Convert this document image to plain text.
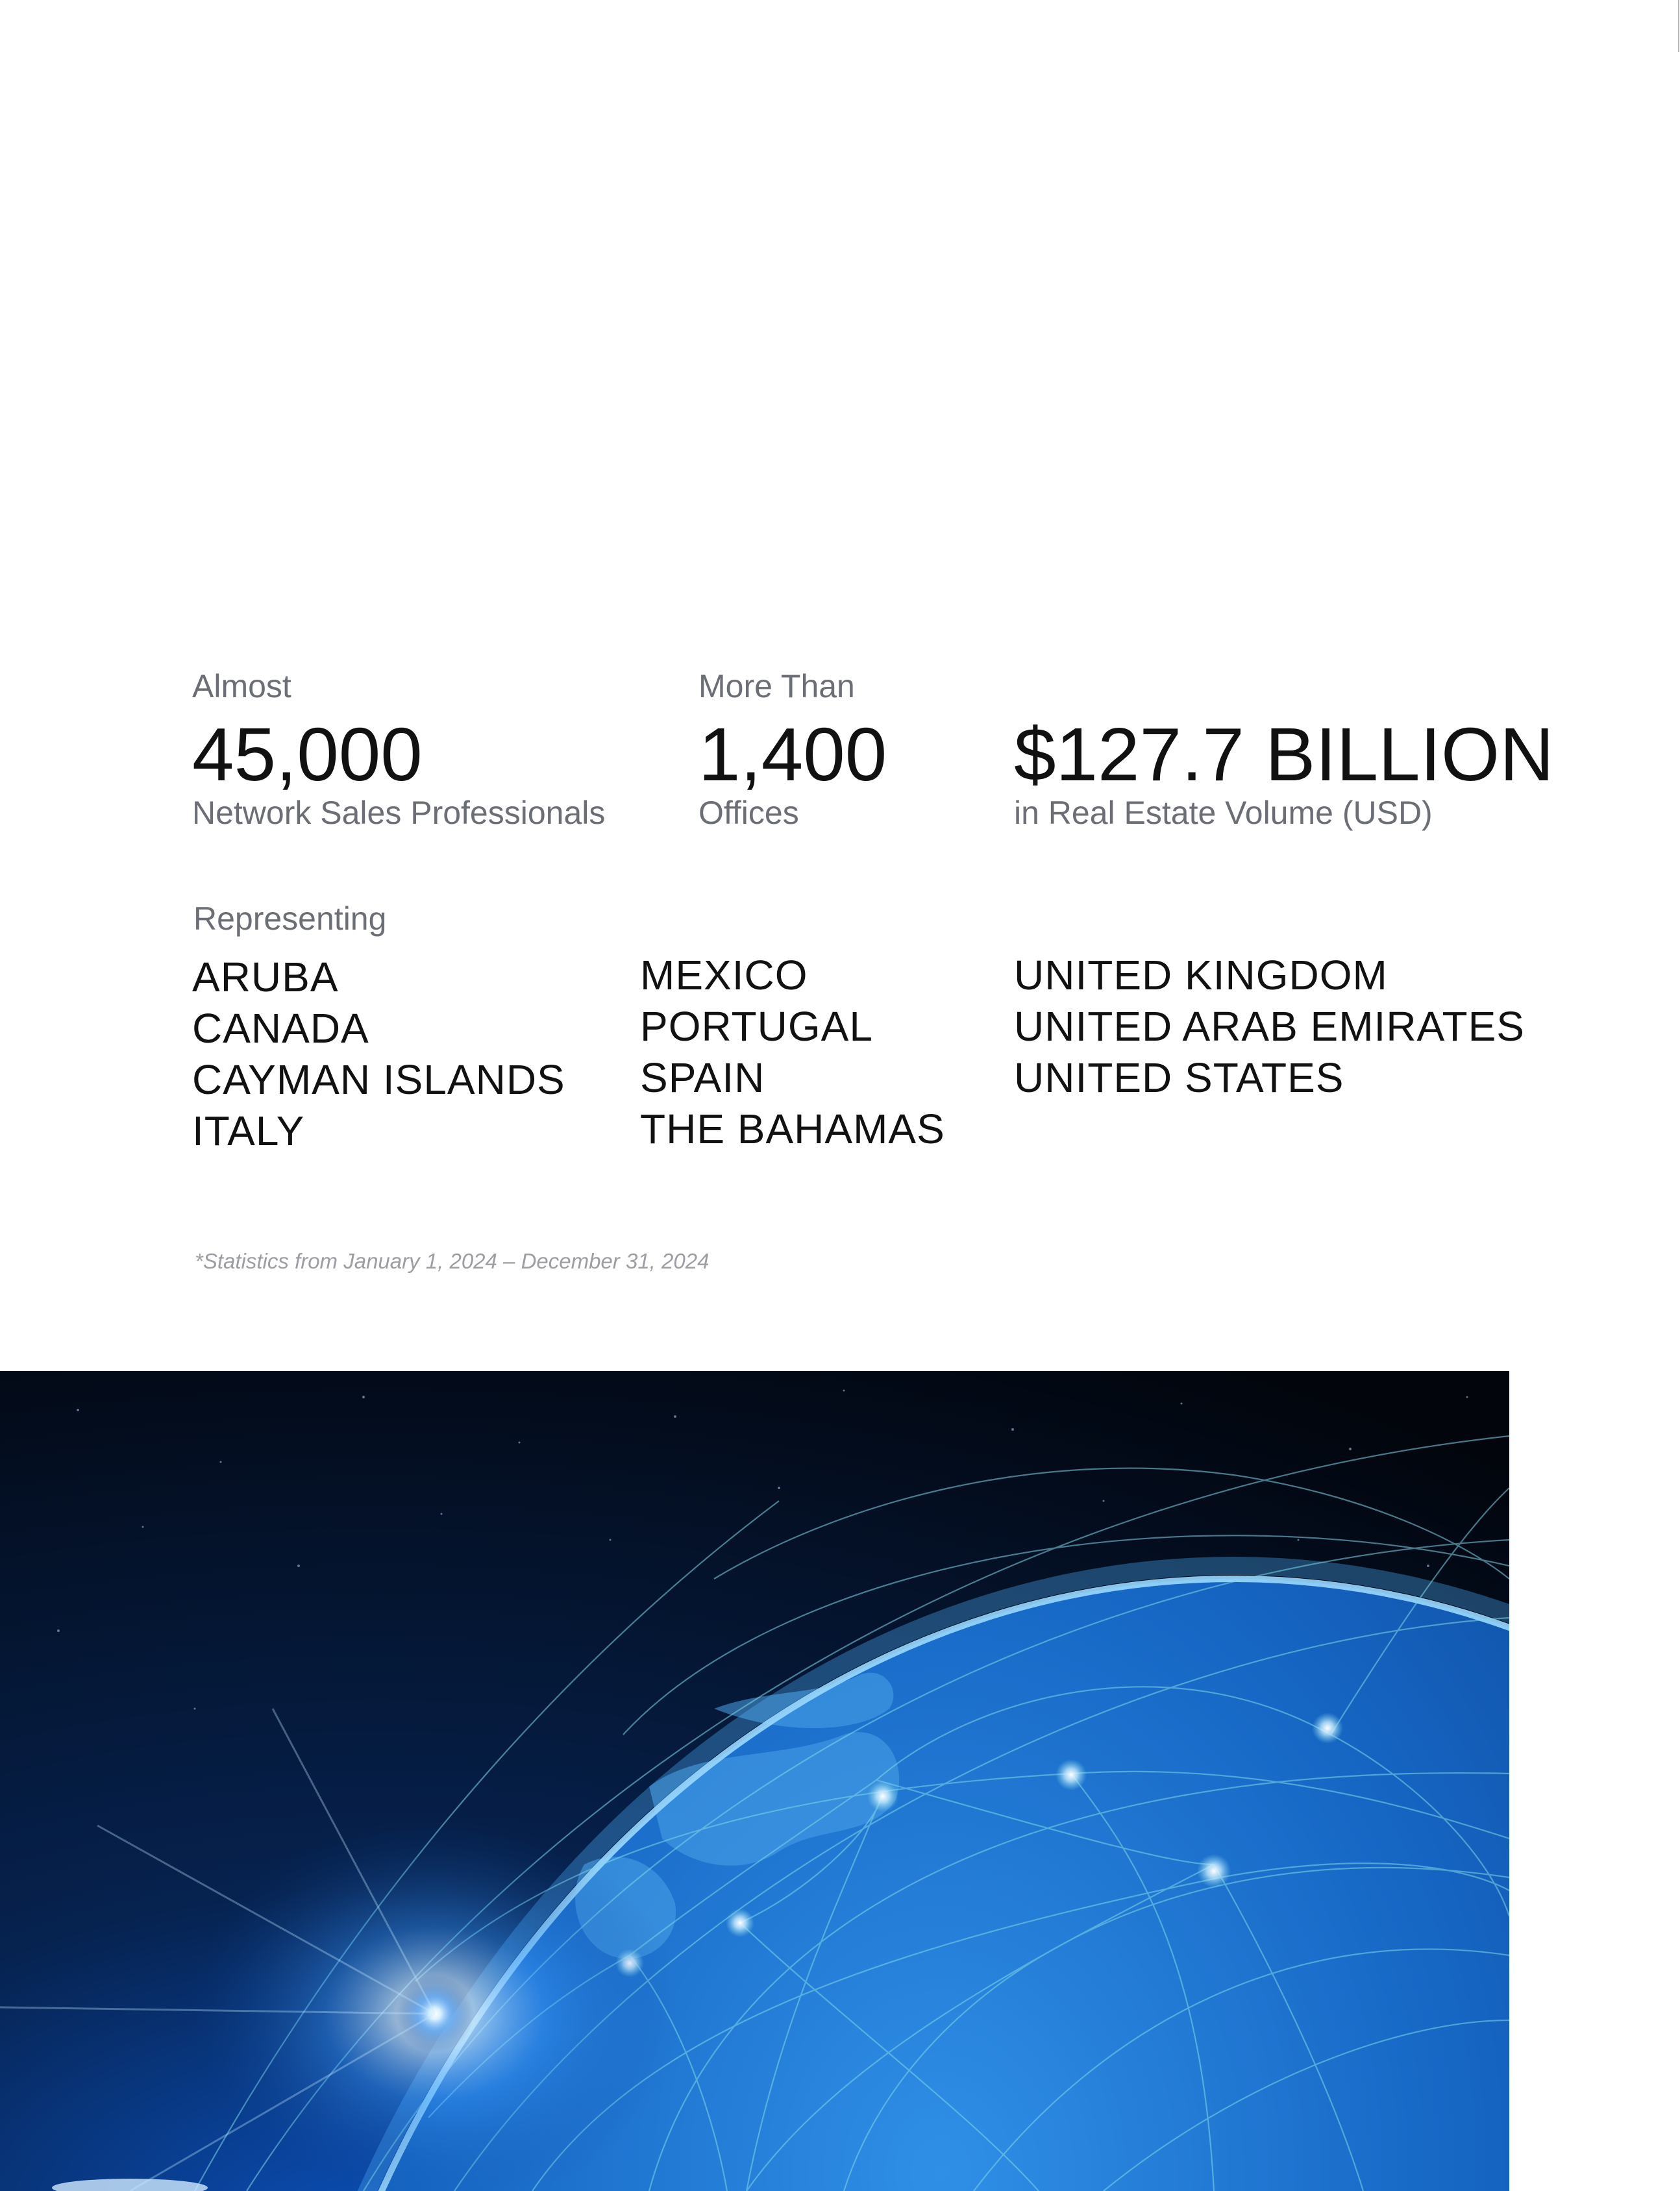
Almost
45,000
Network Sales Professionals
More Than
1,400
Offices

$127.7 BILLION
in Real Estate Volume (USD)
Representing
ARUBA
CANADA
CAYMAN ISLANDS
ITALY
MEXICO
PORTUGAL
SPAIN
THE BAHAMAS
UNITED KINGDOM
UNITED ARAB EMIRATES
UNITED STATES
*Statistics from January 1, 2024 – December 31, 2024
